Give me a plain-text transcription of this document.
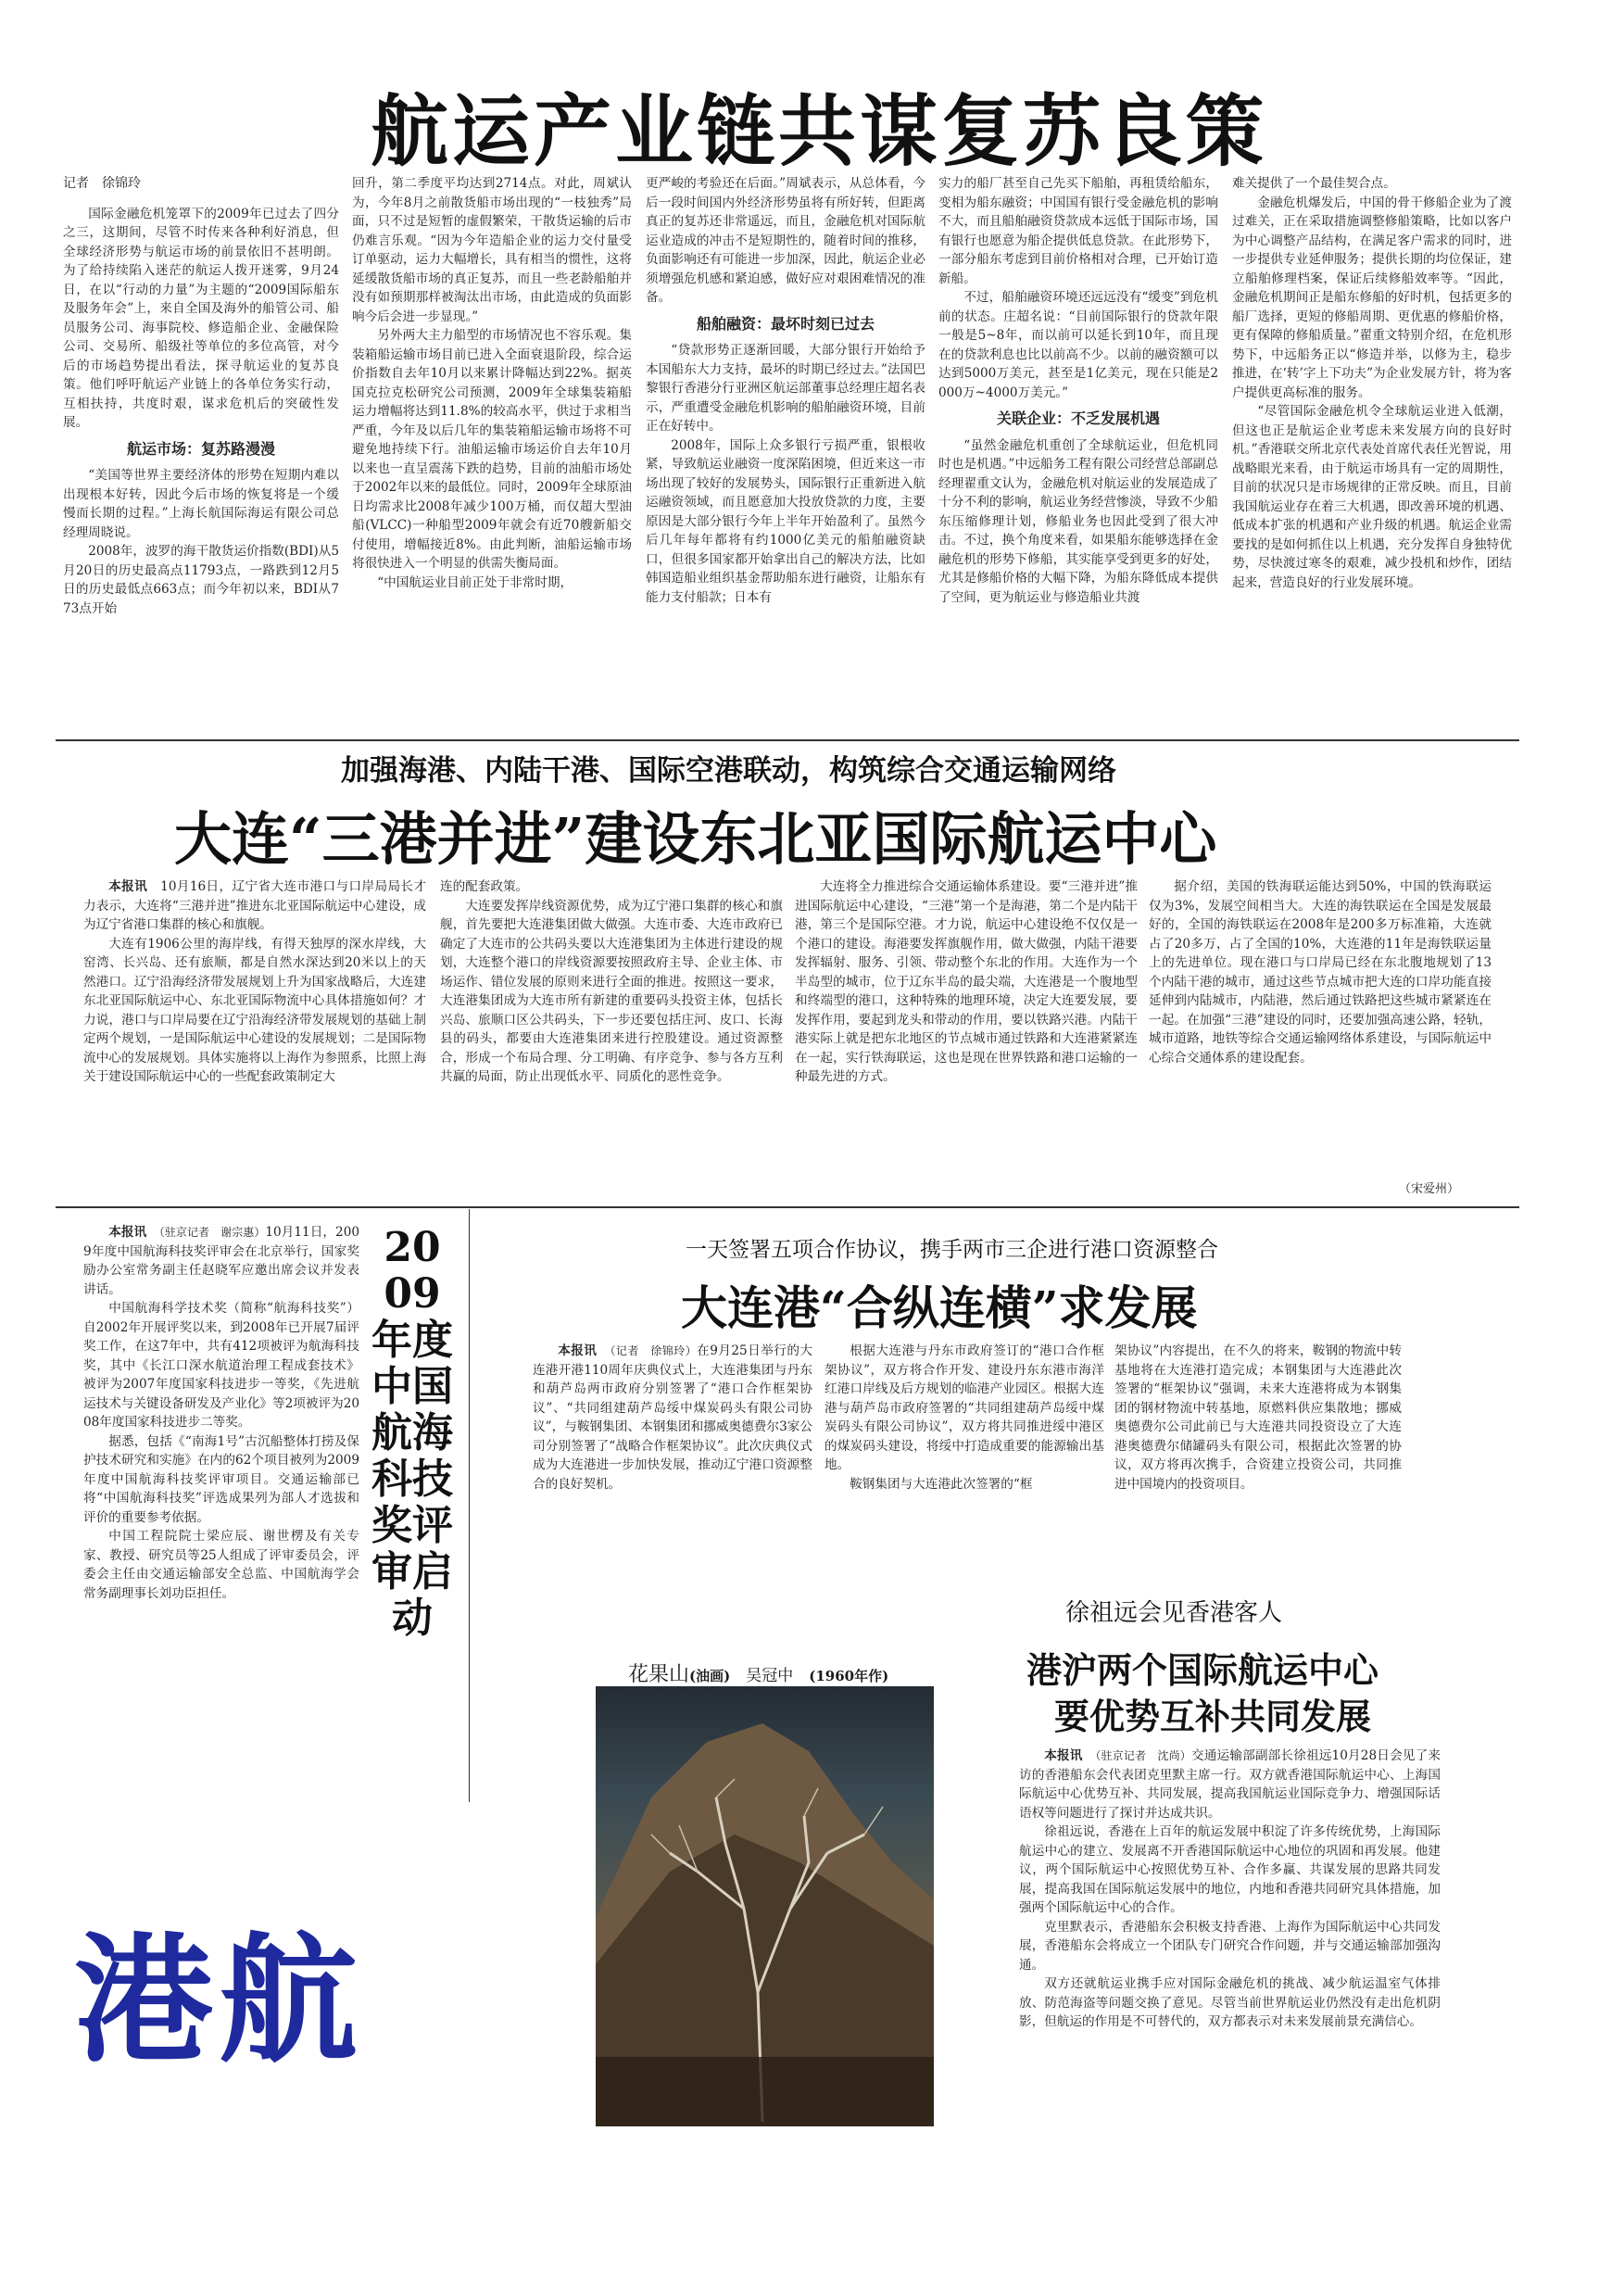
航运产业链共谋复苏良策
记者　徐锦玲

国际金融危机笼罩下的2009年已过去了四分之三，这期间，尽管不时传来各种利好消息，但全球经济形势与航运市场的前景依旧不甚明朗。为了给持续陷入迷茫的航运人拨开迷雾，9月24日，在以“行动的力量”为主题的“2009国际船东及服务年会”上，来自全国及海外的船管公司、船员服务公司、海事院校、修造船企业、金融保险公司、交易所、船级社等单位的多位高管，对今后的市场趋势提出看法，探寻航运业的复苏良策。他们呼吁航运产业链上的各单位务实行动，互相扶持，共度时艰，谋求危机后的突破性发展。

航运市场：复苏路漫漫

“美国等世界主要经济体的形势在短期内难以出现根本好转，因此今后市场的恢复将是一个缓慢而长期的过程。”上海长航国际海运有限公司总经理周晓说。

2008年，波罗的海干散货运价指数(BDI)从5月20日的历史最高点11793点，一路跌到12月5日的历史最低点663点；而今年初以来，BDI从773点开始

回升，第二季度平均达到2714点。对此，周斌认为，今年8月之前散货船市场出现的“一枝独秀”局面，只不过是短暂的虚假繁荣，干散货运输的后市仍难言乐观。“因为今年造船企业的运力交付量受订单驱动，运力大幅增长，具有相当的惯性，这将延缓散货船市场的真正复苏，而且一些老龄船舶并没有如预期那样被淘汰出市场，由此造成的负面影响今后会进一步显现。”

另外两大主力船型的市场情况也不容乐观。集装箱船运输市场目前已进入全面衰退阶段，综合运价指数自去年10月以来累计降幅达到22%。据英国克拉克松研究公司预测，2009年全球集装箱船运力增幅将达到11.8%的较高水平，供过于求相当严重，今年及以后几年的集装箱船运输市场将不可避免地持续下行。油船运输市场运价自去年10月以来也一直呈震荡下跌的趋势，目前的油船市场处于2002年以来的最低位。同时，2009年全球原油日均需求比2008年减少100万桶，而仅超大型油船(VLCC)一种船型2009年就会有近70艘新船交付使用，增幅接近8%。由此判断，油船运输市场将很快进入一个明显的供需失衡局面。

“中国航运业目前正处于非常时期，

更严峻的考验还在后面。”周斌表示，从总体看，今后一段时间国内外经济形势虽将有所好转，但距离真正的复苏还非常遥远，而且，金融危机对国际航运业造成的冲击不是短期性的，随着时间的推移，负面影响还有可能进一步加深，因此，航运企业必须增强危机感和紧迫感，做好应对艰困难情况的准备。

船舶融资：最坏时刻已过去

“贷款形势正逐渐回暖，大部分银行开始给予本国船东大力支持，最坏的时期已经过去。”法国巴黎银行香港分行亚洲区航运部董事总经理庄超名表示，严重遭受金融危机影响的船舶融资环境，目前正在好转中。

2008年，国际上众多银行亏损严重，银根收紧，导致航运业融资一度深陷困境，但近来这一市场出现了较好的发展势头，国际银行正重新进入航运融资领域，而且愿意加大投放贷款的力度，主要原因是大部分银行今年上半年开始盈利了。虽然今后几年每年都将有约1000亿美元的船舶融资缺口，但很多国家都开始拿出自己的解决方法，比如韩国造船业组织基金帮助船东进行融资，让船东有能力支付船款；日本有

实力的船厂甚至自己先买下船舶，再租赁给船东，变相为船东融资；中国国有银行受金融危机的影响不大，而且船舶融资贷款成本远低于国际市场，国有银行也愿意为船企提供低息贷款。在此形势下，一部分船东考虑到目前价格相对合理，已开始订造新船。

不过，船舶融资环境还远远没有“缓变”到危机前的状态。庄超名说：“目前国际银行的贷款年限一般是5~8年，而以前可以延长到10年，而且现在的贷款利息也比以前高不少。以前的融资额可以达到5000万美元，甚至是1亿美元，现在只能是2000万~4000万美元。”

关联企业：不乏发展机遇

“虽然金融危机重创了全球航运业，但危机同时也是机遇。”中远船务工程有限公司经营总部副总经理翟重文认为，金融危机对航运业的发展造成了十分不利的影响，航运业务经营惨淡，导致不少船东压缩修理计划，修船业务也因此受到了很大冲击。不过，换个角度来看，如果船东能够选择在金融危机的形势下修船，其实能享受到更多的好处，尤其是修船价格的大幅下降，为船东降低成本提供了空间，更为航运业与修造船业共渡

难关提供了一个最佳契合点。

金融危机爆发后，中国的骨干修船企业为了渡过难关，正在采取措施调整修船策略，比如以客户为中心调整产品结构，在满足客户需求的同时，进一步提供专业延伸服务；提供长期的均位保证，建立船舶修理档案，保证后续修船效率等。“因此，金融危机期间正是船东修船的好时机，包括更多的船厂选择，更短的修船周期、更优惠的修船价格，更有保障的修船质量。”翟重文特别介绍，在危机形势下，中远船务正以“修造并举，以修为主，稳步推进，在‘转’字上下功夫”为企业发展方针，将为客户提供更高标准的服务。

“尽管国际金融危机令全球航运业进入低潮，但这也正是航运企业考虑未来发展方向的良好时机。”香港联交所北京代表处首席代表任光智说，用战略眼光来看，由于航运市场具有一定的周期性，目前的状况只是市场规律的正常反映。而且，目前我国航运业存在着三大机遇，即改善环境的机遇、低成本扩张的机遇和产业升级的机遇。航运企业需要找的是如何抓住以上机遇，充分发挥自身独特优势，尽快渡过寒冬的艰难，减少投机和炒作，团结起来，营造良好的行业发展环境。

加强海港、内陆干港、国际空港联动，构筑综合交通运输网络
大连“三港并进”建设东北亚国际航运中心

本报讯　 10月16日，辽宁省大连市港口与口岸局局长才力表示，大连将“三港并进”推进东北亚国际航运中心建设，成为辽宁省港口集群的核心和旗舰。

大连有1906公里的海岸线，有得天独厚的深水岸线，大窑湾、长兴岛、还有旅顺，都是自然水深达到20米以上的天然港口。辽宁沿海经济带发展规划上升为国家战略后，大连建东北亚国际航运中心、东北亚国际物流中心具体措施如何？才力说，港口与口岸局要在辽宁沿海经济带发展规划的基础上制定两个规划，一是国际航运中心建设的发展规划；二是国际物流中心的发展规划。具体实施将以上海作为参照系，比照上海关于建设国际航运中心的一些配套政策制定大

连的配套政策。

大连要发挥岸线资源优势，成为辽宁港口集群的核心和旗舰，首先要把大连港集团做大做强。大连市委、大连市政府已确定了大连市的公共码头要以大连港集团为主体进行建设的规划，大连整个港口的岸线资源要按照政府主导、企业主体、市场运作、错位发展的原则来进行全面的推进。按照这一要求，大连港集团成为大连市所有新建的重要码头投资主体，包括长兴岛、旅顺口区公共码头，下一步还要包括庄河、皮口、长海县的码头，都要由大连港集团来进行控股建设。通过资源整合，形成一个布局合理、分工明确、有序竞争、参与各方互利共赢的局面，防止出现低水平、同质化的恶性竞争。

大连将全力推进综合交通运输体系建设。要“三港并进”推进国际航运中心建设，“三港”第一个是海港，第二个是内陆干港，第三个是国际空港。才力说，航运中心建设绝不仅仅是一个港口的建设。海港要发挥旗舰作用，做大做强，内陆干港要发挥辐射、服务、引领、带动整个东北的作用。大连作为一个半岛型的城市，位于辽东半岛的最尖端，大连港是一个腹地型和终端型的港口，这种特殊的地理环境，决定大连要发展，要发挥作用，要起到龙头和带动的作用，要以铁路兴港。内陆干港实际上就是把东北地区的节点城市通过铁路和大连港紧紧连在一起，实行铁海联运，这也是现在世界铁路和港口运输的一种最先进的方式。

据介绍，美国的铁海联运能达到50%，中国的铁海联运仅为3%，发展空间相当大。大连的海铁联运在全国是发展最好的，全国的海铁联运在2008年是200多万标准箱，大连就占了20多万，占了全国的10%，大连港的11年是海铁联运量上的先进单位。现在港口与口岸局已经在东北腹地规划了13个内陆干港的城市，通过这些节点城市把大连的口岸功能直接延伸到内陆城市，内陆港，然后通过铁路把这些城市紧紧连在一起。在加强“三港”建设的同时，还要加强高速公路，轻轨，城市道路，地铁等综合交通运输网络体系建设，与国际航运中心综合交通体系的建设配套。

（宋爱州）

本报讯　 （驻京记者　谢宗惠）10月11日，2009年度中国航海科技奖评审会在北京举行，国家奖励办公室常务副主任赵晓军应邀出席会议并发表讲话。

中国航海科学技术奖（简称“航海科技奖”）自2002年开展评奖以来，到2008年已开展7届评奖工作，在这7年中，共有412项被评为航海科技奖，其中《长江口深水航道治理工程成套技术》被评为2007年度国家科技进步一等奖，《先进航运技术与关键设备研发及产业化》等2项被评为2008年度国家科技进步二等奖。

据悉，包括《“南海1号”古沉船整体打捞及保护技术研究和实施》在内的62个项目被列为2009年度中国航海科技奖评审项目。交通运输部已将“中国航海科技奖”评选成果列为部人才选拔和评价的重要参考依据。

中国工程院院士梁应辰、谢世楞及有关专家、教授、研究员等25人组成了评审委员会，评委会主任由交通运输部安全总监、中国航海学会常务副理事长刘功臣担任。

2009年度中国航海科技奖评审启动
一天签署五项合作协议，携手两市三企进行港口资源整合
大连港“合纵连横”求发展

本报讯　 （记者　徐锦玲）在9月25日举行的大连港开港110周年庆典仪式上，大连港集团与丹东和葫芦岛两市政府分别签署了“港口合作框架协议”、“共同组建葫芦岛绥中煤炭码头有限公司协议”，与鞍钢集团、本钢集团和挪威奥德费尔3家公司分别签署了“战略合作框架协议”。此次庆典仪式成为大连港进一步加快发展，推动辽宁港口资源整合的良好契机。

根据大连港与丹东市政府签订的“港口合作框架协议”，双方将合作开发、建设丹东东港市海洋红港口岸线及后方规划的临港产业园区。根据大连港与葫芦岛市政府签署的“共同组建葫芦岛绥中煤炭码头有限公司协议”，双方将共同推进绥中港区的煤炭码头建设，将绥中打造成重要的能源输出基地。

鞍钢集团与大连港此次签署的“框

架协议”内容提出，在不久的将来，鞍钢的物流中转基地将在大连港打造完成；本钢集团与大连港此次签署的“框架协议”强调，未来大连港将成为本钢集团的钢材物流中转基地，原燃料供应集散地；挪威奥德费尔公司此前已与大连港共同投资设立了大连港奥德费尔储罐码头有限公司，根据此次签署的协议，双方将再次携手，合资建立投资公司，共同推进中国境内的投资项目。

徐祖远会见香港客人
港沪两个国际航运中心
要优势互补共同发展

本报讯　 （驻京记者　沈尚）交通运输部副部长徐祖远10月28日会见了来访的香港船东会代表团克里默主席一行。双方就香港国际航运中心、上海国际航运中心优势互补、共同发展，提高我国航运业国际竞争力、增强国际话语权等问题进行了探讨并达成共识。

徐祖远说，香港在上百年的航运发展中积淀了许多传统优势，上海国际航运中心的建立、发展离不开香港国际航运中心地位的巩固和再发展。他建议，两个国际航运中心按照优势互补、合作多赢、共谋发展的思路共同发展，提高我国在国际航运发展中的地位，内地和香港共同研究具体措施，加强两个国际航运中心的合作。

克里默表示，香港船东会积极支持香港、上海作为国际航运中心共同发展，香港船东会将成立一个团队专门研究合作问题，并与交通运输部加强沟通。

双方还就航运业携手应对国际金融危机的挑战、减少航运温室气体排放、防范海盗等问题交换了意见。尽管当前世界航运业仍然没有走出危机阴影，但航运的作用是不可替代的，双方都表示对未来发展前景充满信心。

花果山(油画)　 吴冠中　 (1960年作)
港航
